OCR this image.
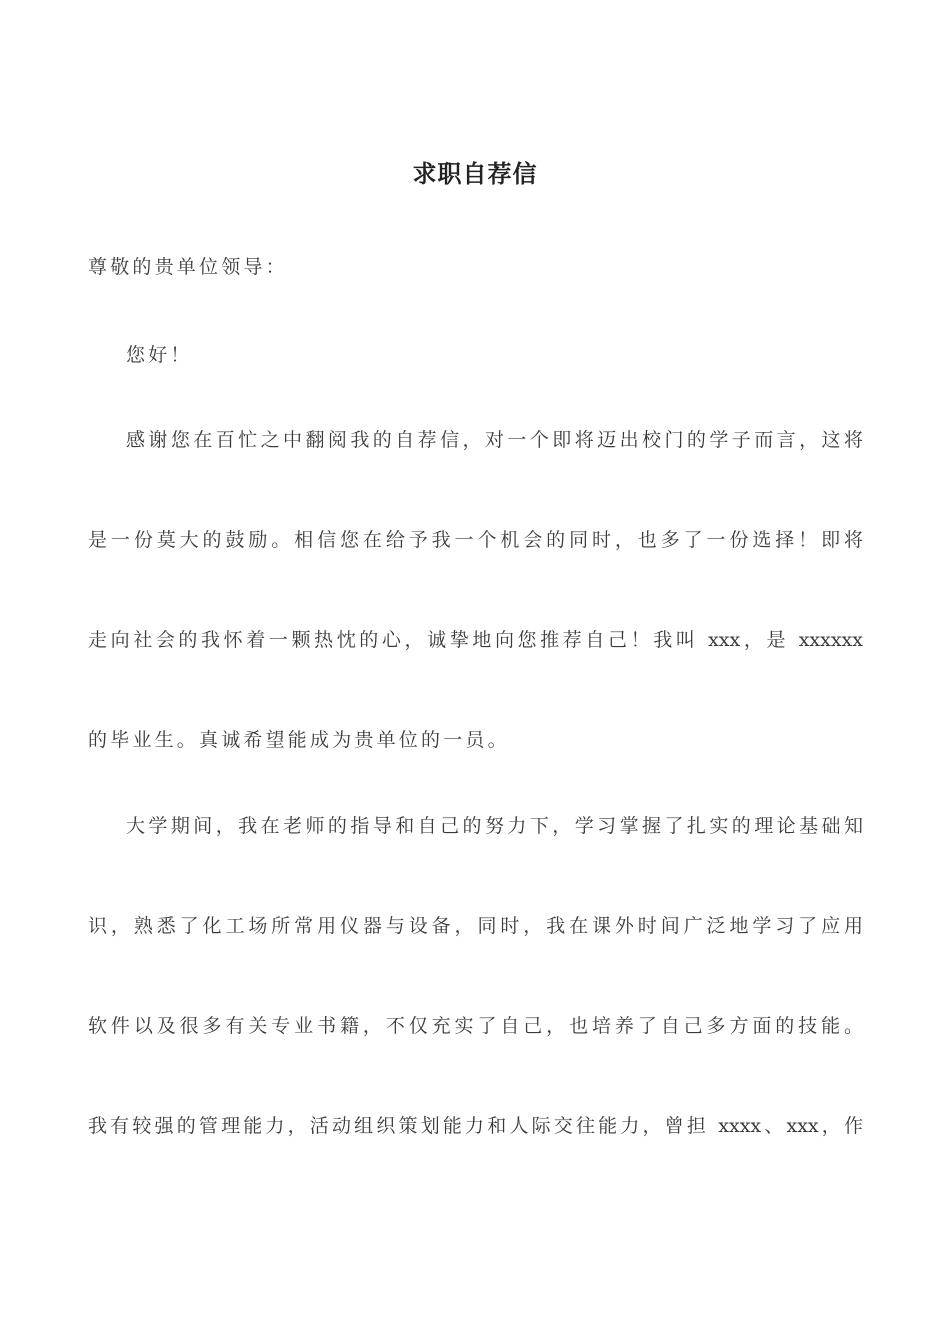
求职自荐信
尊敬的贵单位领导：
您好！
感谢您在百忙之中翻阅我的自荐信，对一个即将迈出校门的学子而言，这将
是一份莫大的鼓励。相信您在给予我一个机会的同时，也多了一份选择！即将
走向社会的我怀着一颗热忱的心，诚挚地向您推荐自己！我叫 xxx，是 xxxxxx
的毕业生。真诚希望能成为贵单位的一员。
大学期间，我在老师的指导和自己的努力下，学习掌握了扎实的理论基础知
识，熟悉了化工场所常用仪器与设备，同时，我在课外时间广泛地学习了应用
软件以及很多有关专业书籍，不仅充实了自己，也培养了自己多方面的技能。
我有较强的管理能力，活动组织策划能力和人际交往能力，曾担 xxxx、xxx，作
